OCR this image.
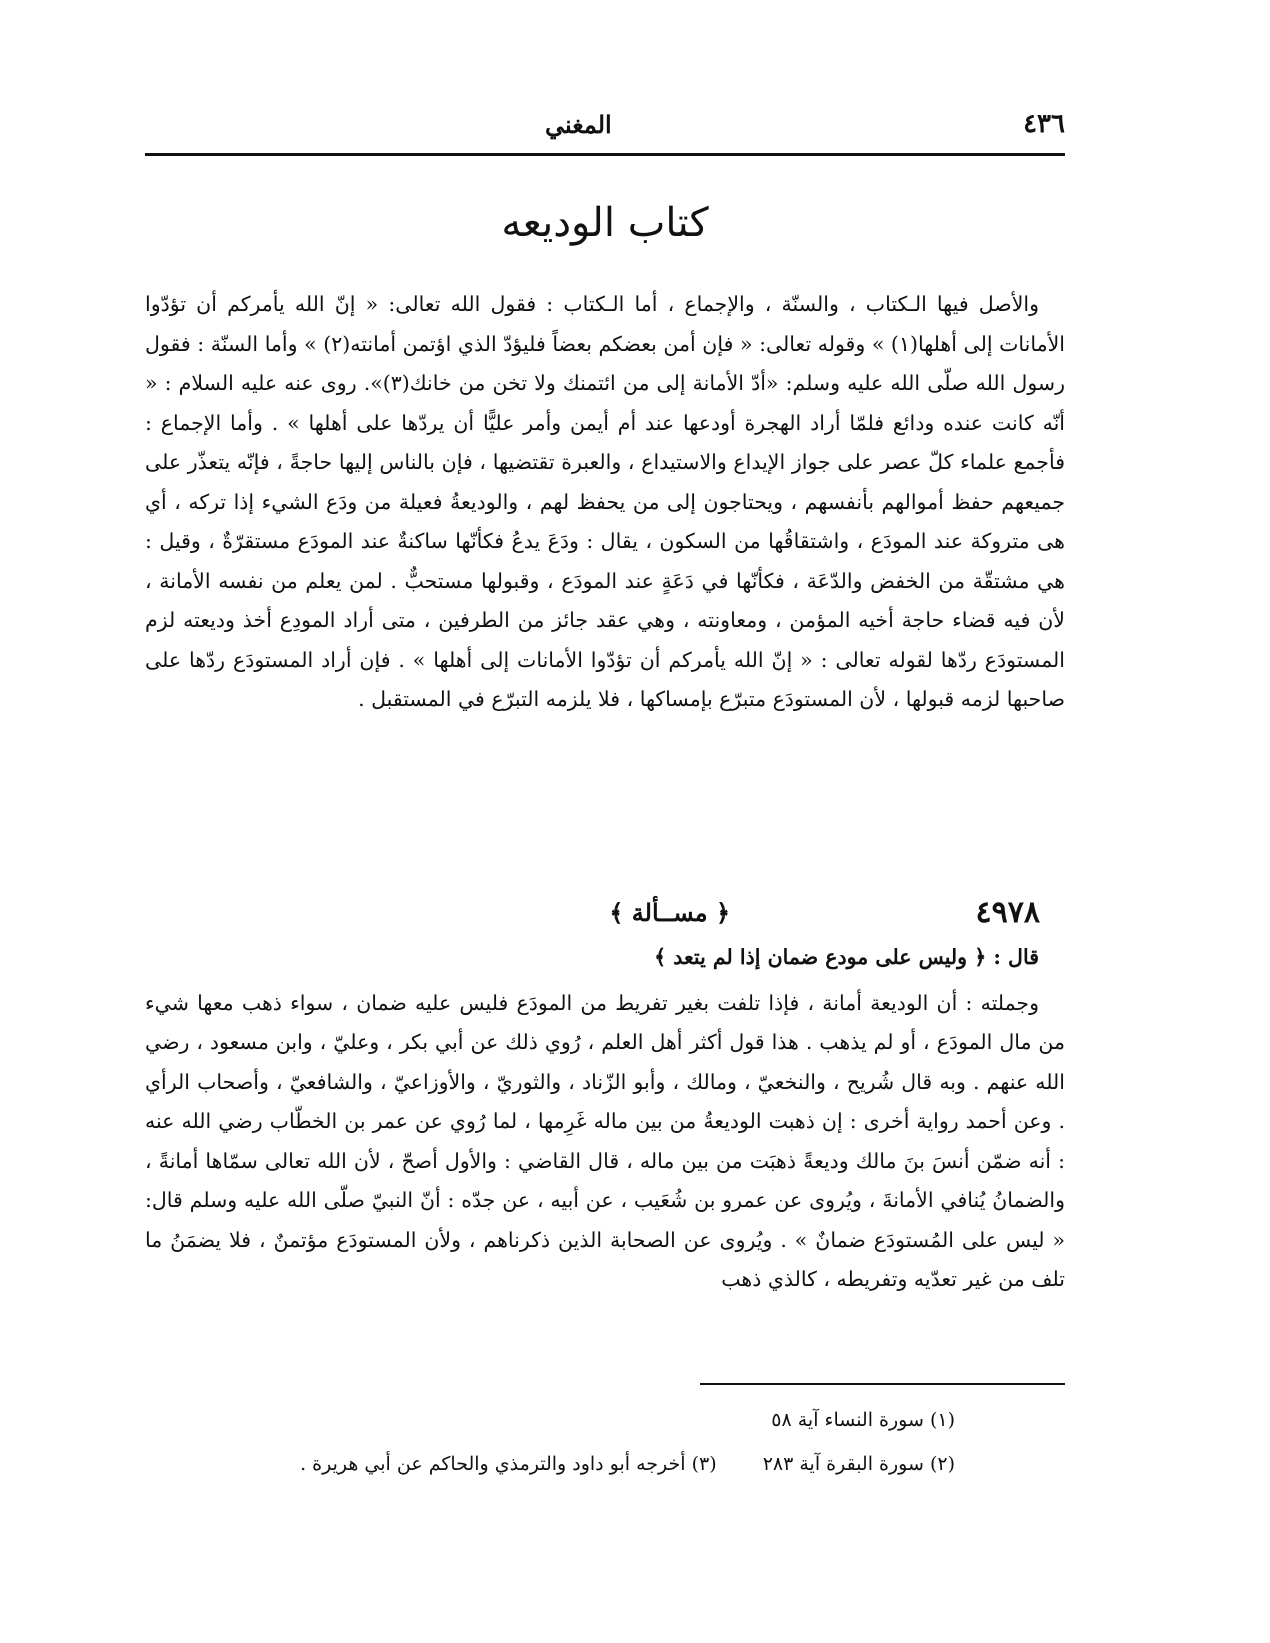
٤٣٦
المغني
كتاب الوديعه

والأصل فيها الـكتاب ، والسنّة ، والإجماع ، أما الـكتاب : فقول الله تعالى: « إنّ الله يأمركم أن تؤدّوا الأمانات إلى أهلها(١) » وقوله تعالى: « فإن أمن بعضكم بعضاً فليؤدّ الذي اؤتمن أمانته(٢) » وأما السنّة : فقول رسول الله صلّى الله عليه وسلم: «أدّ الأمانة إلى من ائتمنك ولا تخن من خانك(٣)». روى عنه عليه السلام : « أنّه كانت عنده ودائع فلمّا أراد الهجرة أودعها عند أم أيمن وأمر عليًّا أن يردّها على أهلها » . وأما الإجماع : فأجمع علماء كلّ عصر على جواز الإيداع والاستيداع ، والعبرة تقتضيها ، فإن بالناس إليها حاجةً ، فإنّه يتعذّر على جميعهم حفظ أموالهم بأنفسهم ، ويحتاجون إلى من يحفظ لهم ، والوديعةُ فعيلة من ودَع الشيء إذا تركه ، أي هى متروكة عند المودَع ، واشتقاقُها من السكون ، يقال : ودَعَ يدعُ فكأنّها ساكنةٌ عند المودَع مستقرّةٌ ، وقيل : هي مشتقّة من الخفض والدّعَة ، فكأنّها في دَعَةٍ عند المودَع ، وقبولها مستحبٌّ . لمن يعلم من نفسه الأمانة ، لأن فيه قضاء حاجة أخيه المؤمن ، ومعاونته ، وهي عقد جائز من الطرفين ، متى أراد المودِع أخذ وديعته لزم المستودَع ردّها لقوله تعالى : « إنّ الله يأمركم أن تؤدّوا الأمانات إلى أهلها » . فإن أراد المستودَع ردّها على صاحبها لزمه قبولها ، لأن المستودَع متبرّع بإمساكها ، فلا يلزمه التبرّع في المستقبل .

٤٩٧٨
﴿ مســألة ﴾

قال : ﴿ وليس على مودع ضمان إذا لم يتعد ﴾

وجملته : أن الوديعة أمانة ، فإذا تلفت بغير تفريط من المودَع فليس عليه ضمان ، سواء ذهب معها شيء من مال المودَع ، أو لم يذهب . هذا قول أكثر أهل العلم ، رُوي ذلك عن أبي بكر ، وعليّ ، وابن مسعود ، رضي الله عنهم . وبه قال شُريح ، والنخعيّ ، ومالك ، وأبو الزّناد ، والثوريّ ، والأوزاعيّ ، والشافعيّ ، وأصحاب الرأي . وعن أحمد رواية أخرى : إن ذهبت الوديعةُ من بين ماله غَرِمها ، لما رُوي عن عمر بن الخطّاب رضي الله عنه : أنه ضمّن أنسَ بنَ مالك وديعةً ذهبَت من بين ماله ، قال القاضي : والأول أصحّ ، لأن الله تعالى سمّاها أمانةً ، والضمانُ يُنافي الأمانةَ ، ويُروى عن عمرو بن شُعَيب ، عن أبيه ، عن جدّه : أنّ النبيّ صلّى الله عليه وسلم قال: « ليس على المُستودَع ضمانٌ » . ويُروى عن الصحابة الذين ذكرناهم ، ولأن المستودَع مؤتمنٌ ، فلا يضمَنُ ما تلف من غير تعدّيه وتفريطه ، كالذي ذهب

(١) سورة النساء آية ٥٨
(٢) سورة البقرة آية ٢٨٣ (٣) أخرجه أبو داود والترمذي والحاكم عن أبي هريرة .
